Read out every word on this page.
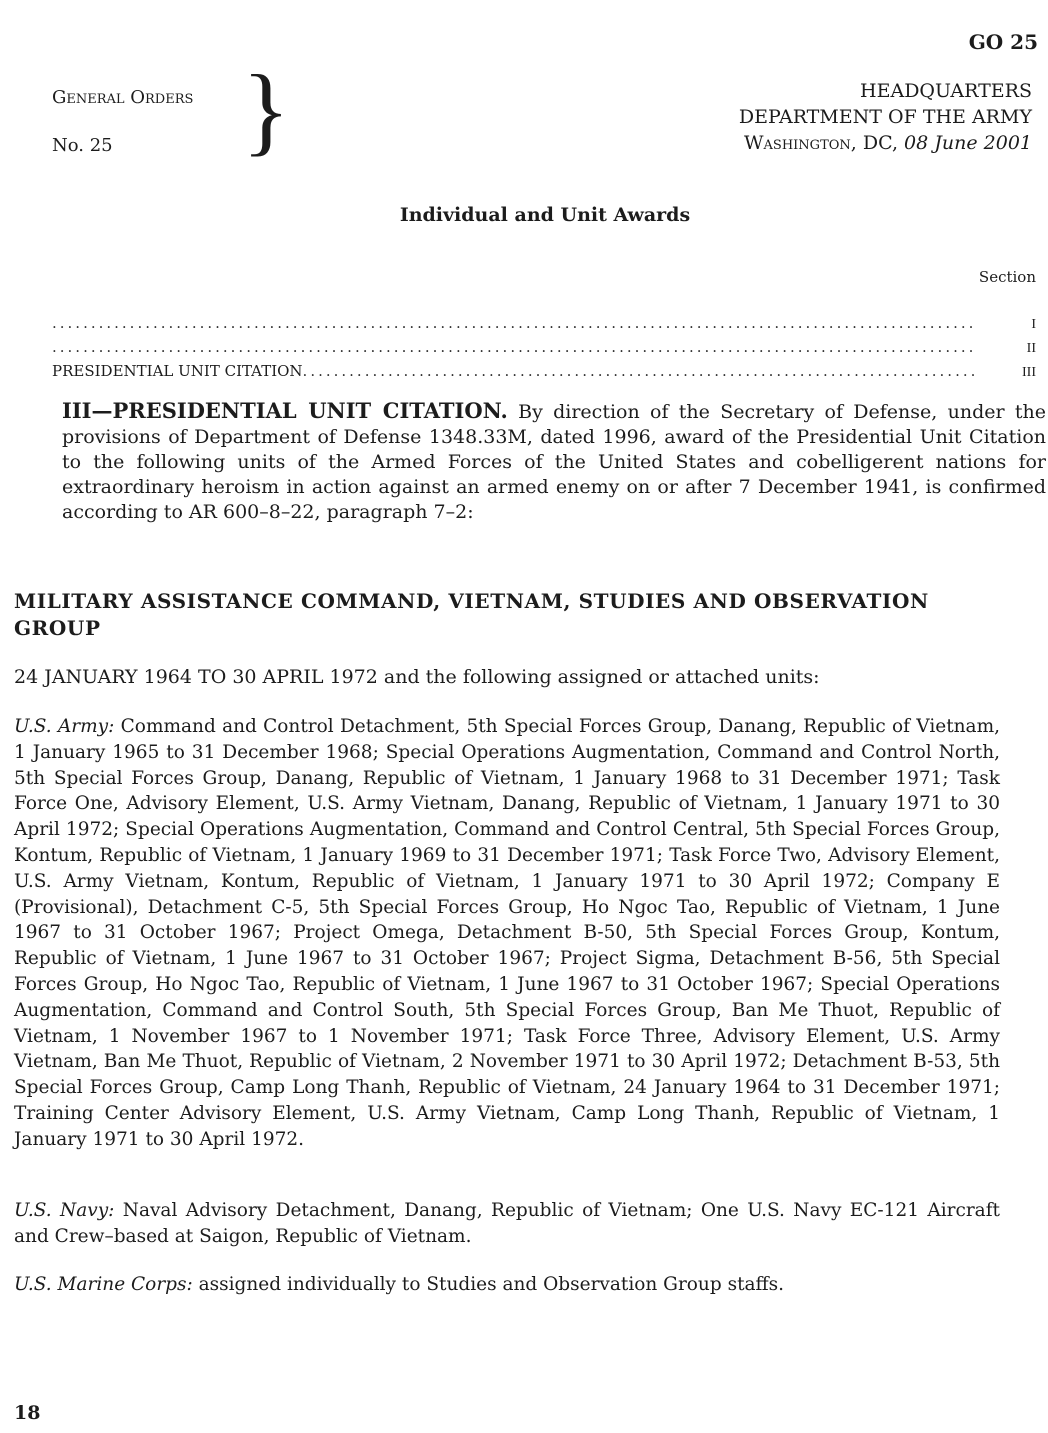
GO 25
General Orders
No. 25	}	HEADQUARTERS
DEPARTMENT OF THE ARMY
Washington, DC, 08 June 2001
Individual and Unit Awards
Section
.....
I
.....
II
PRESIDENTIAL UNIT CITATION
.....	III
III—PRESIDENTIAL UNIT CITATION. By direction of the Secretary of Defense, under the provisions of Department of Defense 1348.33M, dated 1996, award of the Presidential Unit Citation to the following units of the Armed Forces of the United States and cobelligerent nations for extraordinary heroism in action against an armed enemy on or after 7 December 1941, is confirmed according to AR 600–8–22, paragraph 7–2:
MILITARY ASSISTANCE COMMAND, VIETNAM, STUDIES AND OBSERVATION GROUP
24 JANUARY 1964 TO 30 APRIL 1972 and the following assigned or attached units:
U.S. Army: Command and Control Detachment, 5th Special Forces Group, Danang, Republic of Vietnam, 1 January 1965 to 31 December 1968; Special Operations Augmentation, Command and Control North, 5th Special Forces Group, Danang, Republic of Vietnam, 1 January 1968 to 31 December 1971; Task Force One, Advisory Element, U.S. Army Vietnam, Danang, Republic of Vietnam, 1 January 1971 to 30 April 1972; Special Operations Augmentation, Command and Control Central, 5th Special Forces Group, Kontum, Republic of Vietnam, 1 January 1969 to 31 December 1971; Task Force Two, Advisory Element, U.S. Army Vietnam, Kontum, Republic of Vietnam, 1 January 1971 to 30 April 1972; Company E (Provisional), Detachment C-5, 5th Special Forces Group, Ho Ngoc Tao, Republic of Vietnam, 1 June 1967 to 31 October 1967; Project Omega, Detachment B-50, 5th Special Forces Group, Kontum, Republic of Vietnam, 1 June 1967 to 31 October 1967; Project Sigma, Detachment B-56, 5th Special Forces Group, Ho Ngoc Tao, Republic of Vietnam, 1 June 1967 to 31 October 1967; Special Operations Augmentation, Command and Control South, 5th Special Forces Group, Ban Me Thuot, Republic of Vietnam, 1 November 1967 to 1 November 1971; Task Force Three, Advisory Element, U.S. Army Vietnam, Ban Me Thuot, Republic of Vietnam, 2 November 1971 to 30 April 1972; Detachment B-53, 5th Special Forces Group, Camp Long Thanh, Republic of Vietnam, 24 January 1964 to 31 December 1971; Training Center Advisory Element, U.S. Army Vietnam, Camp Long Thanh, Republic of Vietnam, 1 January 1971 to 30 April 1972.
U.S. Navy: Naval Advisory Detachment, Danang, Republic of Vietnam; One U.S. Navy EC-121 Aircraft and Crew–based at Saigon, Republic of Vietnam.
U.S. Marine Corps: assigned individually to Studies and Observation Group staffs.
18
